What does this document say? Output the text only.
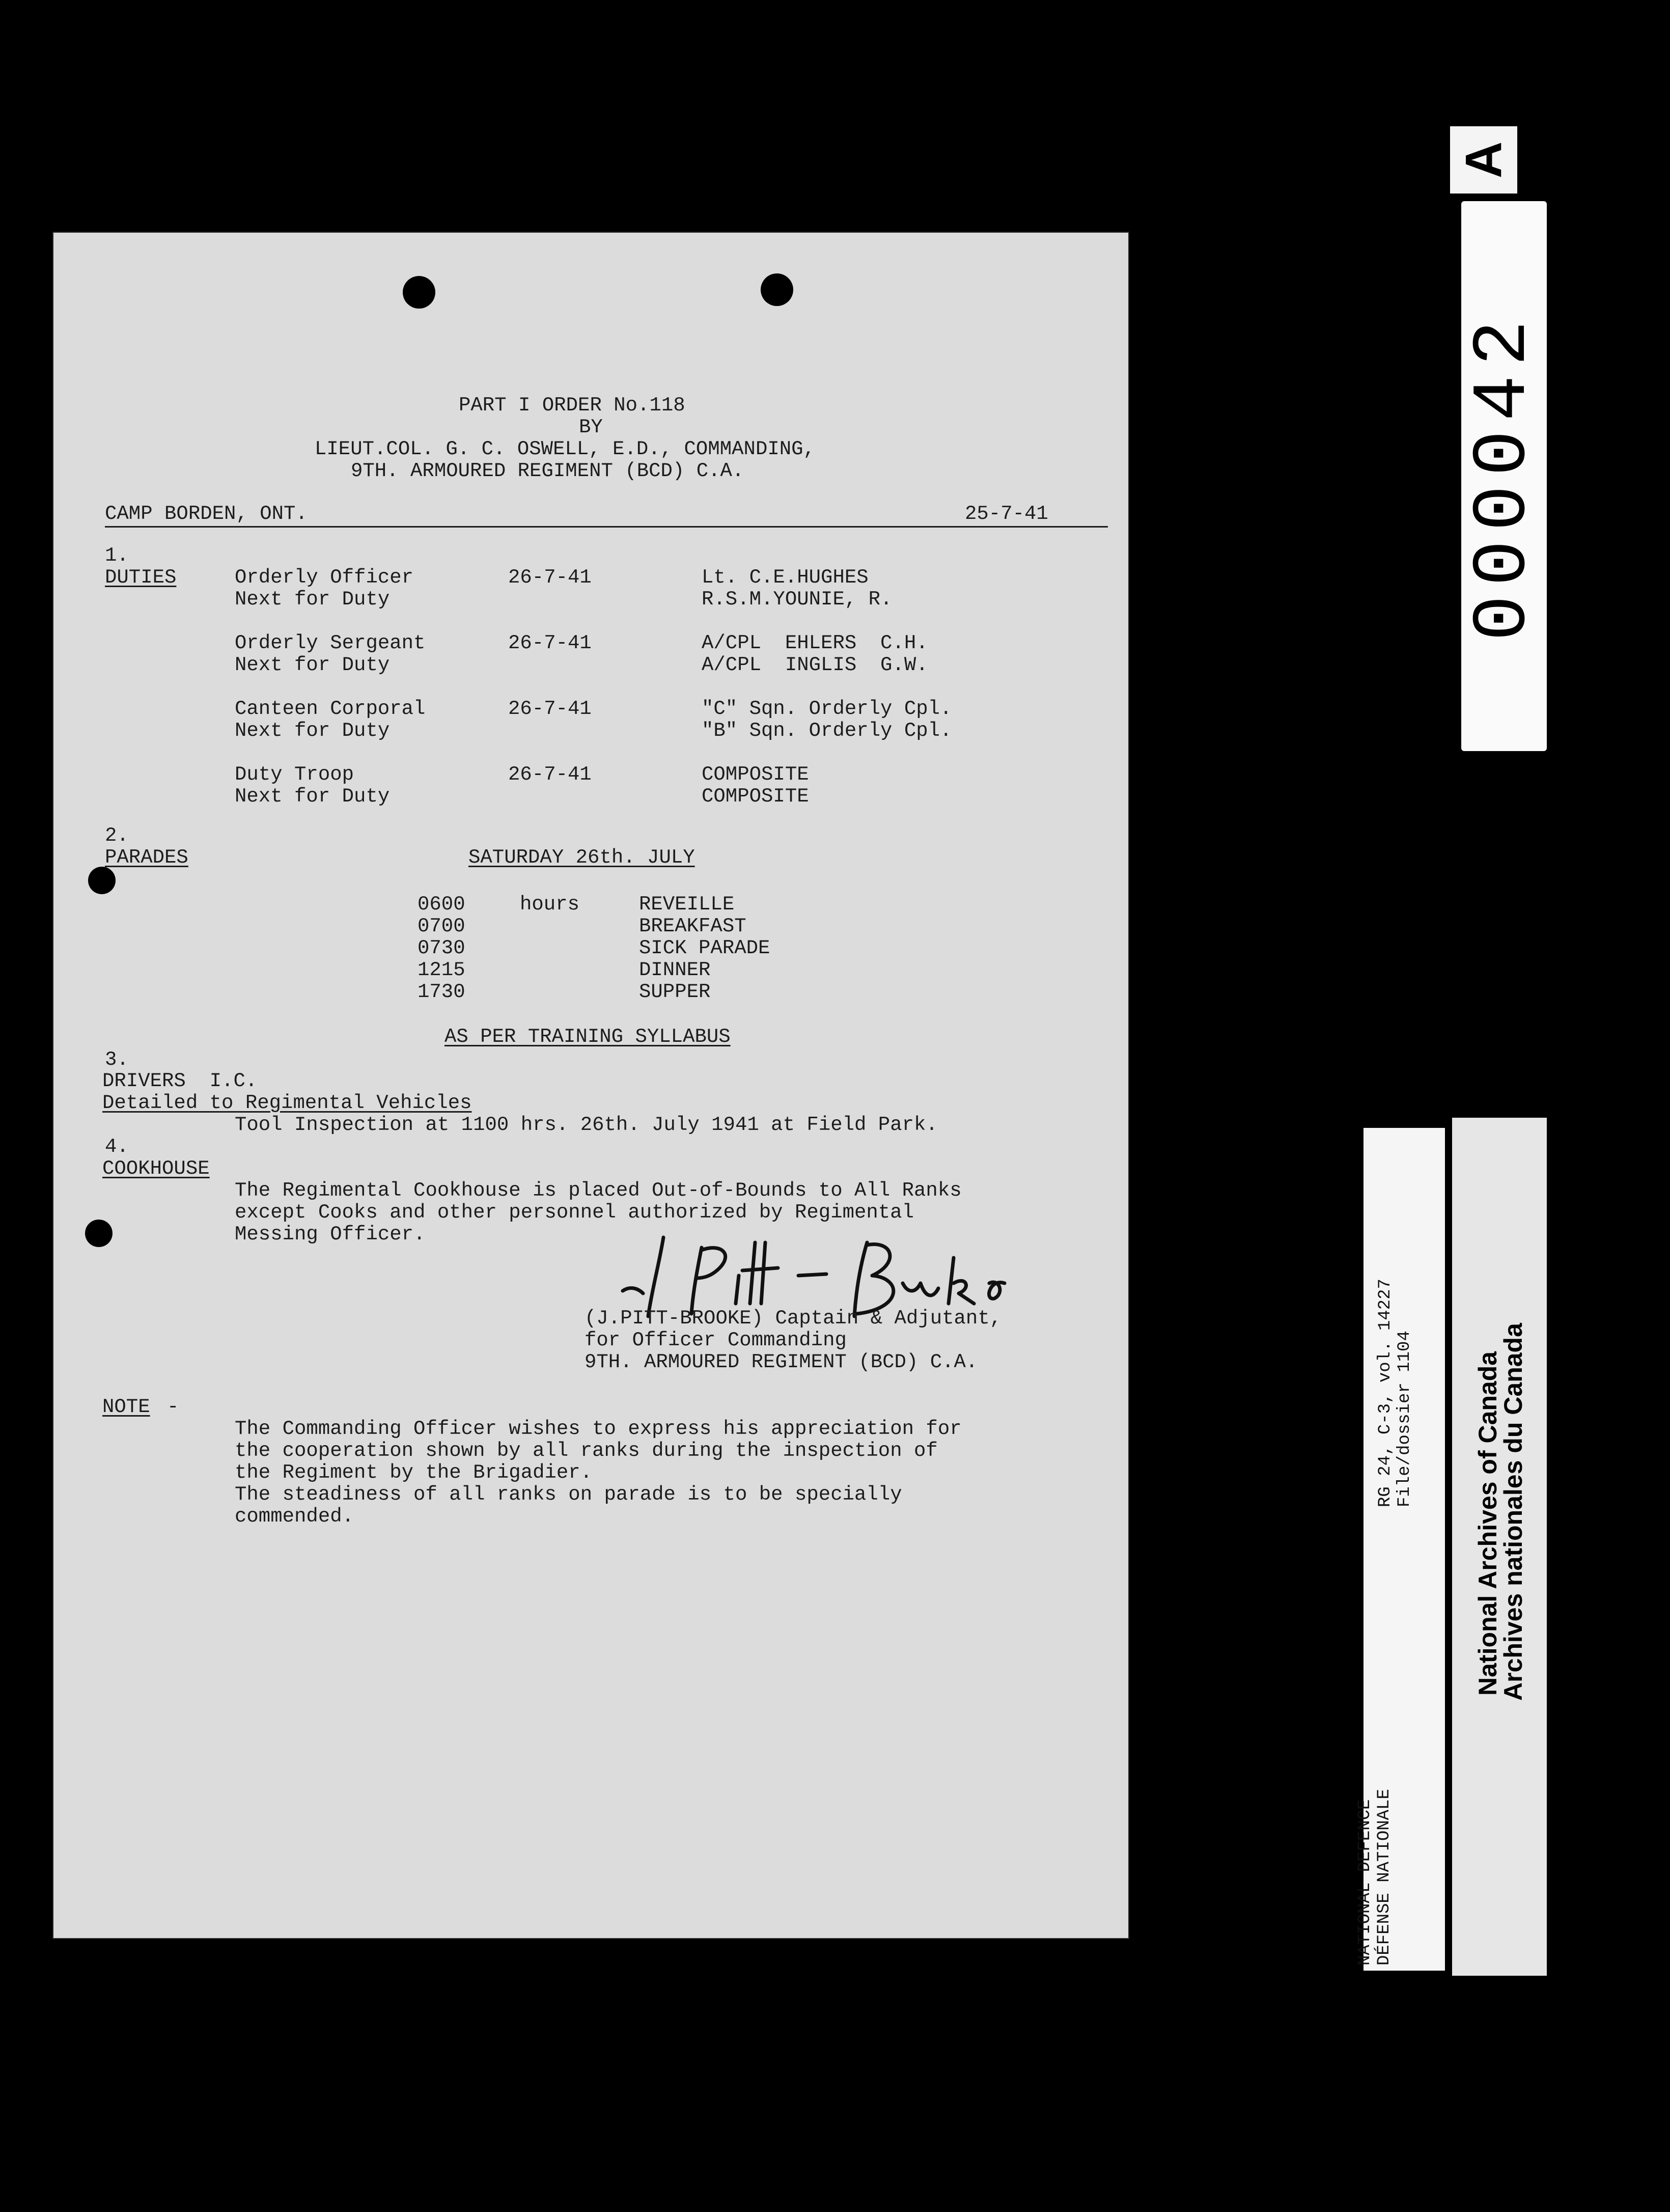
A
000042
PART I ORDER No.118
BY
LIEUT.COL. G. C. OSWELL, E.D., COMMANDING,
9TH. ARMOURED REGIMENT (BCD) C.A.
CAMP BORDEN, ONT.	25-7-41
1.
DUTIES
2.
PARADES	SATURDAY 26th. JULY
hours
AS PER TRAINING SYLLABUS
3.
DRIVERS  I.C.
Detailed to Regimental Vehicles
Tool Inspection at 1100 hrs. 26th. July 1941 at Field Park.
4.
COOKHOUSE
The Regimental Cookhouse is placed Out-of-Bounds to All Ranks
except Cooks and other personnel authorized by Regimental
Messing Officer.
(J.PITT-BROOKE) Captain & Adjutant,
for Officer Commanding
9TH. ARMOURED REGIMENT (BCD) C.A.
NOTE -
The Commanding Officer wishes to express his appreciation for
the cooperation shown by all ranks during the inspection of
the Regiment by the Brigadier.
The steadiness of all ranks on parade is to be specially
commended.
Orderly Officer	26-7-41	Lt. C.E.HUGHES
Next for Duty	R.S.M.YOUNIE, R.
Orderly Sergeant	26-7-41	A/CPL  EHLERS  C.H.
Next for Duty	A/CPL  INGLIS  G.W.
Canteen Corporal	26-7-41	"C" Sqn. Orderly Cpl.
Next for Duty	"B" Sqn. Orderly Cpl.
Duty Troop	26-7-41	COMPOSITE
Next for Duty	COMPOSITE
0600	REVEILLE
0700	BREAKFAST
0730	SICK PARADE
1215	DINNER
1730	SUPPER
RG 24, C-3, vol. 14227 File/dossier 1104
NATIONAL DEFENCE DÉFENSE NATIONALE
National Archives of Canada
Archives nationales du Canada
